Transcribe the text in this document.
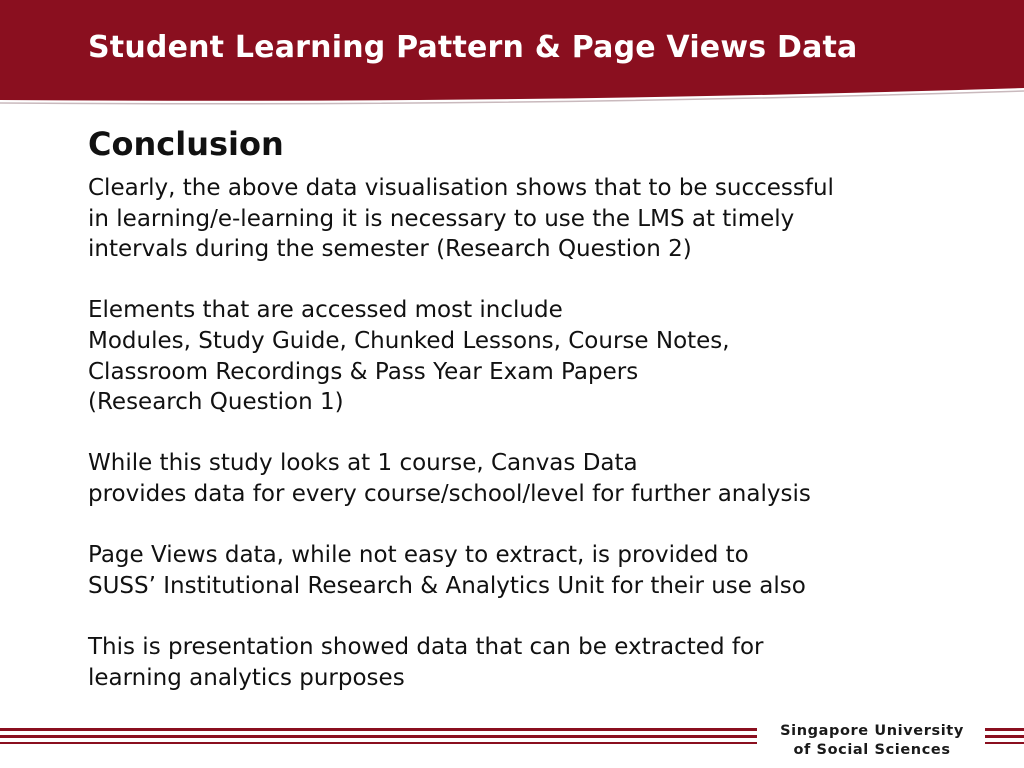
Student Learning Pattern & Page Views Data
Conclusion

Clearly, the above data visualisation shows that to be successful
in learning/e-learning it is necessary to use the LMS at timely
intervals during the semester (Research Question 2)

Elements that are accessed most include
Modules, Study Guide, Chunked Lessons, Course Notes,
Classroom Recordings & Pass Year Exam Papers
(Research Question 1)

While this study looks at 1 course, Canvas Data
provides data for every course/school/level for further analysis

Page Views data, while not easy to extract, is provided to
SUSS’ Institutional Research & Analytics Unit for their use also

This is presentation showed data that can be extracted for
learning analytics purposes

Singapore University
of Social Sciences
